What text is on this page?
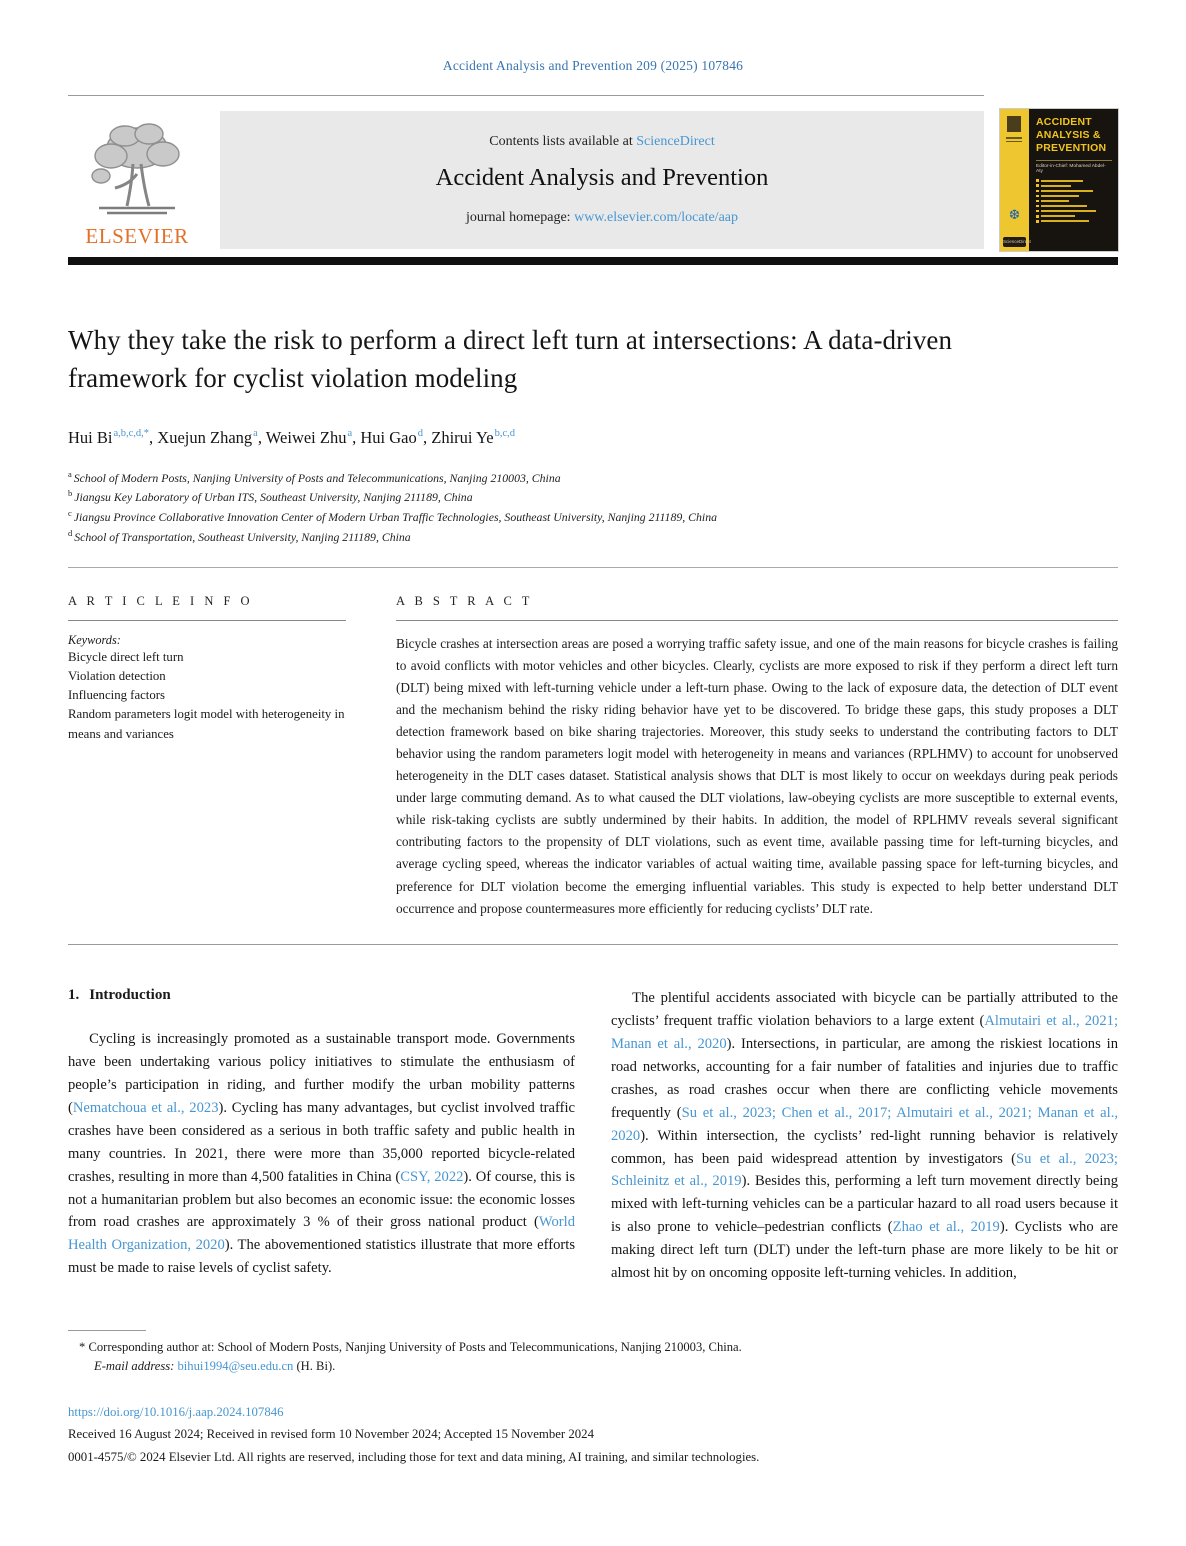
Accident Analysis and Prevention 209 (2025) 107846
ELSEVIER
Contents lists available at ScienceDirect
Accident Analysis and Prevention
journal homepage: www.elsevier.com/locate/aap	❆
ScienceDirect
ACCIDENT ANALYSIS & PREVENTION
Editor-in-Chief: Mohamed Abdel-Aty
Why they take the risk to perform a direct left turn at intersections: A data-driven framework for cyclist violation modeling
Hui $Bi^{a,b,c,d,*}$, Xuejun Zhang$^a$, Weiwei Zhu$^a$, Hui Gao$^d$, Zhirui Ye$^{b,c,d}$
$^a$ School of Modern Posts, Nanjing University of Posts and Telecommunications, Nanjing 210003, China
$^b$ Jiangsu Key Laboratory of Urban ITS, Southeast University, Nanjing 211189, China
$^c$ Jiangsu Province Collaborative Innovation Center of Modern Urban Traffic Technologies, Southeast University, Nanjing 211189, China
$^d$ School of Transportation, Southeast University, Nanjing 211189, China
A R T I C L E I N F O
Keywords:
Bicycle direct left turn
Violation detection
Influencing factors
Random parameters logit model with heterogeneity in means and variances
A B S T R A C T
Bicycle crashes at intersection areas are posed a worrying traffic safety issue, and one of the main reasons for bicycle crashes is failing to avoid conflicts with motor vehicles and other bicycles. Clearly, cyclists are more exposed to risk if they perform a direct left turn (DLT) being mixed with left-turning vehicle under a left-turn phase. Owing to the lack of exposure data, the detection of DLT event and the mechanism behind the risky riding behavior have yet to be discovered. To bridge these gaps, this study proposes a DLT detection framework based on bike sharing trajectories. Moreover, this study seeks to understand the contributing factors to DLT behavior using the random parameters logit model with heterogeneity in means and variances (RPLHMV) to account for unobserved heterogeneity in the DLT cases dataset. Statistical analysis shows that DLT is most likely to occur on weekdays during peak periods under large commuting demand. As to what caused the DLT violations, law-obeying cyclists are more susceptible to external events, while risk-taking cyclists are subtly undermined by their habits. In addition, the model of RPLHMV reveals several significant contributing factors to the propensity of DLT violations, such as event time, available passing time for left-turning bicycles, and average cycling speed, whereas the indicator variables of actual waiting time, available passing space for left-turning bicycles, and preference for DLT violation become the emerging influential variables. This study is expected to help better understand DLT occurrence and propose countermeasures more efficiently for reducing cyclists’ DLT rate.
1. Introduction

Cycling is increasingly promoted as a sustainable transport mode. Governments have been undertaking various policy initiatives to stimulate the enthusiasm of people’s participation in riding, and further modify the urban mobility patterns (Nematchoua et al., 2023). Cycling has many advantages, but cyclist involved traffic crashes have been considered as a serious in both traffic safety and public health in many countries. In 2021, there were more than 35,000 reported bicycle-related crashes, resulting in more than 4,500 fatalities in China (CSY, 2022). Of course, this is not a humanitarian problem but also becomes an economic issue: the economic losses from road crashes are approximately 3 % of their gross national product (World Health Organization, 2020). The abovementioned statistics illustrate that more efforts must be made to raise levels of cyclist safety.

The plentiful accidents associated with bicycle can be partially attributed to the cyclists’ frequent traffic violation behaviors to a large extent (Almutairi et al., 2021; Manan et al., 2020). Intersections, in particular, are among the riskiest locations in road networks, accounting for a fair number of fatalities and injuries due to traffic crashes, as road crashes occur when there are conflicting vehicle movements frequently (Su et al., 2023; Chen et al., 2017; Almutairi et al., 2021; Manan et al., 2020). Within intersection, the cyclists’ red-light running behavior is relatively common, has been paid widespread attention by investigators (Su et al., 2023; Schleinitz et al., 2019). Besides this, performing a left turn movement directly being mixed with left-turning vehicles can be a particular hazard to all road users because it is also prone to vehicle–pedestrian conflicts (Zhao et al., 2019). Cyclists who are making direct left turn (DLT) under the left-turn phase are more likely to be hit or almost hit by on oncoming opposite left-turning vehicles. In addition,

* Corresponding author at: School of Modern Posts, Nanjing University of Posts and Telecommunications, Nanjing 210003, China.
E-mail address: bihui1994@seu.edu.cn (H. Bi).
https://doi.org/10.1016/j.aap.2024.107846
Received 16 August 2024; Received in revised form 10 November 2024; Accepted 15 November 2024
0001-4575/© 2024 Elsevier Ltd. All rights are reserved, including those for text and data mining, AI training, and similar technologies.
